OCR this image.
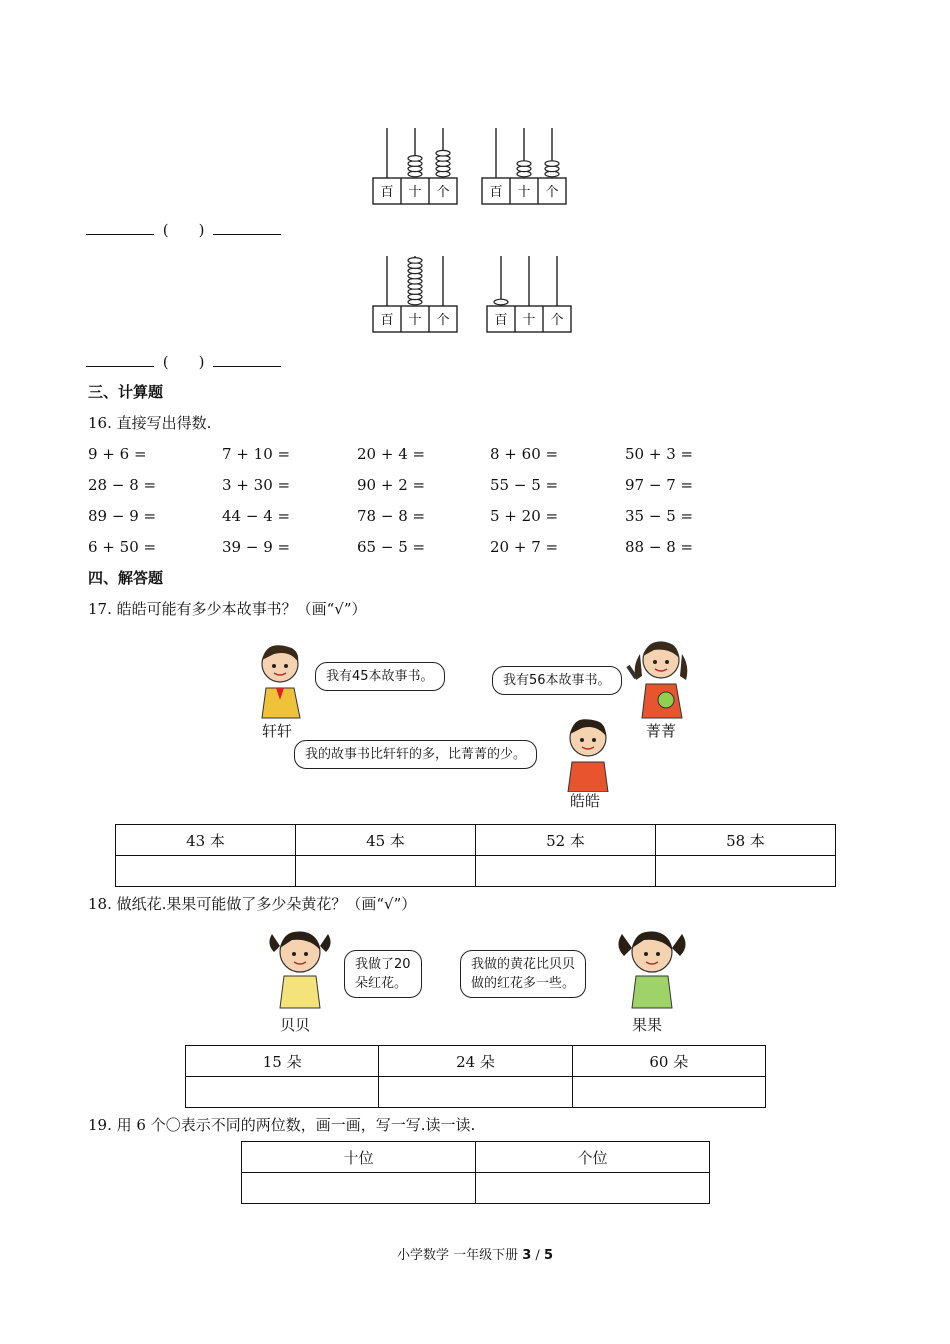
百 十 个	百 十 个
(　　)
百 十 个	百 十 个
(　　)
三、计算题
16. 直接写出得数.
9 + 6 =	7 + 10 =	20 + 4 =	8 + 60 =	50 + 3 =
28 − 8 =	3 + 30 =	90 + 2 =	55 − 5 =	97 − 7 =
89 − 9 =	44 − 4 =	78 − 8 =	5 + 20 =	35 − 5 =
6 + 50 =	39 − 9 =	65 − 5 =	20 + 7 =	88 − 8 =
四、解答题
17. 皓皓可能有多少本故事书？（画“√”）
我有45本故事书。
轩轩
我有56本故事书。
菁菁
我的故事书比轩轩的多，比菁菁的少。
皓皓
43 本	45 本	52 本	58 本

18. 做纸花.果果可能做了多少朵黄花？（画“√”）
我做了20
朵红花。
贝贝
我做的黄花比贝贝
做的红花多一些。
果果
15 朵	24 朵	60 朵

19. 用 6 个〇表示不同的两位数，画一画，写一写.读一读.
十位	个位

小学数学 一年级下册 3 / 5
